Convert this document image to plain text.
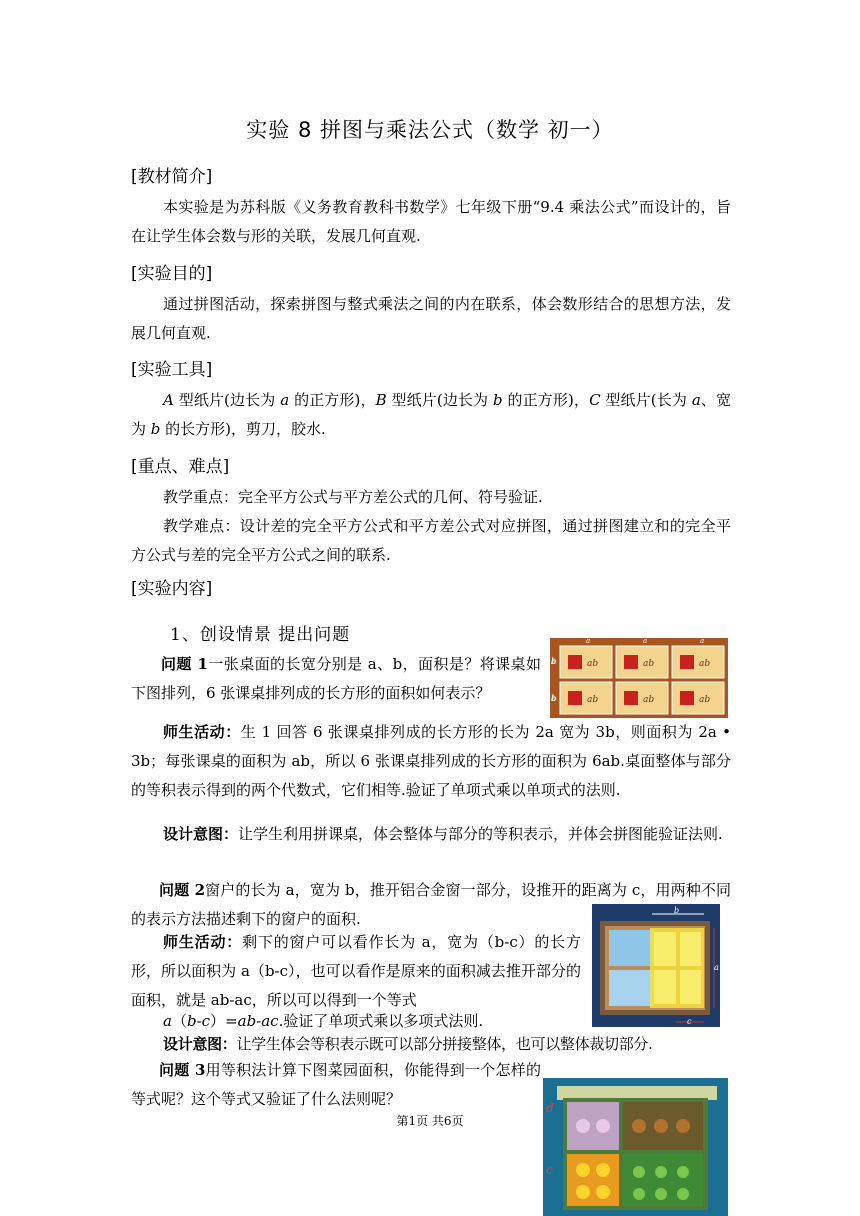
实验 8 拼图与乘法公式（数学 初一）
[教材简介]
本实验是为苏科版《义务教育教科书数学》七年级下册“9.4 乘法公式”而设计的，旨在让学生体会数与形的关联，发展几何直观.
[实验目的]
通过拼图活动，探索拼图与整式乘法之间的内在联系，体会数形结合的思想方法，发展几何直观.
[实验工具]
A 型纸片(边长为 a 的正方形)，B 型纸片(边长为 b 的正方形)，C 型纸片(长为 a、宽为 b 的长方形)，剪刀，胶水.
[重点、难点]
教学重点：完全平方公式与平方差公式的几何、符号验证.
教学难点：设计差的完全平方公式和平方差公式对应拼图，通过拼图建立和的完全平方公式与差的完全平方公式之间的联系.
[实验内容]
1、创设情景 提出问题
ab	ab	ab
ab	ab	ab
a	a	a
b
b
问题 1一张桌面的长宽分别是 a、b，面积是？将课桌如下图排列，6 张课桌排列成的长方形的面积如何表示？
师生活动：生 1 回答 6 张课桌排列成的长方形的长为 2a 宽为 3b，则面积为 2a • 3b；每张课桌的面积为 ab，所以 6 张课桌排列成的长方形的面积为 6ab.桌面整体与部分的等积表示得到的两个代数式，它们相等.验证了单项式乘以单项式的法则.
设计意图：让学生利用拼课桌，体会整体与部分的等积表示，并体会拼图能验证法则.
问题 2窗户的长为 a，宽为 b，推开铝合金窗一部分，设推开的距离为 c，用两种不同的表示方法描述剩下的窗户的面积.	b
a
c
师生活动：剩下的窗户可以看作长为 a，宽为（b-c）的长方形，所以面积为 a（b-c），也可以看作是原来的面积减去推开部分的面积，就是 ab-ac，所以可以得到一个等式
a（b-c）=ab-ac.验证了单项式乘以多项式法则.
设计意图：让学生体会等积表示既可以部分拼接整体，也可以整体裁切部分.
问题 3用等积法计算下图菜园面积，你能得到一个怎样的等式呢？这个等式又验证了什么法则呢？	d
c
第1页 共6页
